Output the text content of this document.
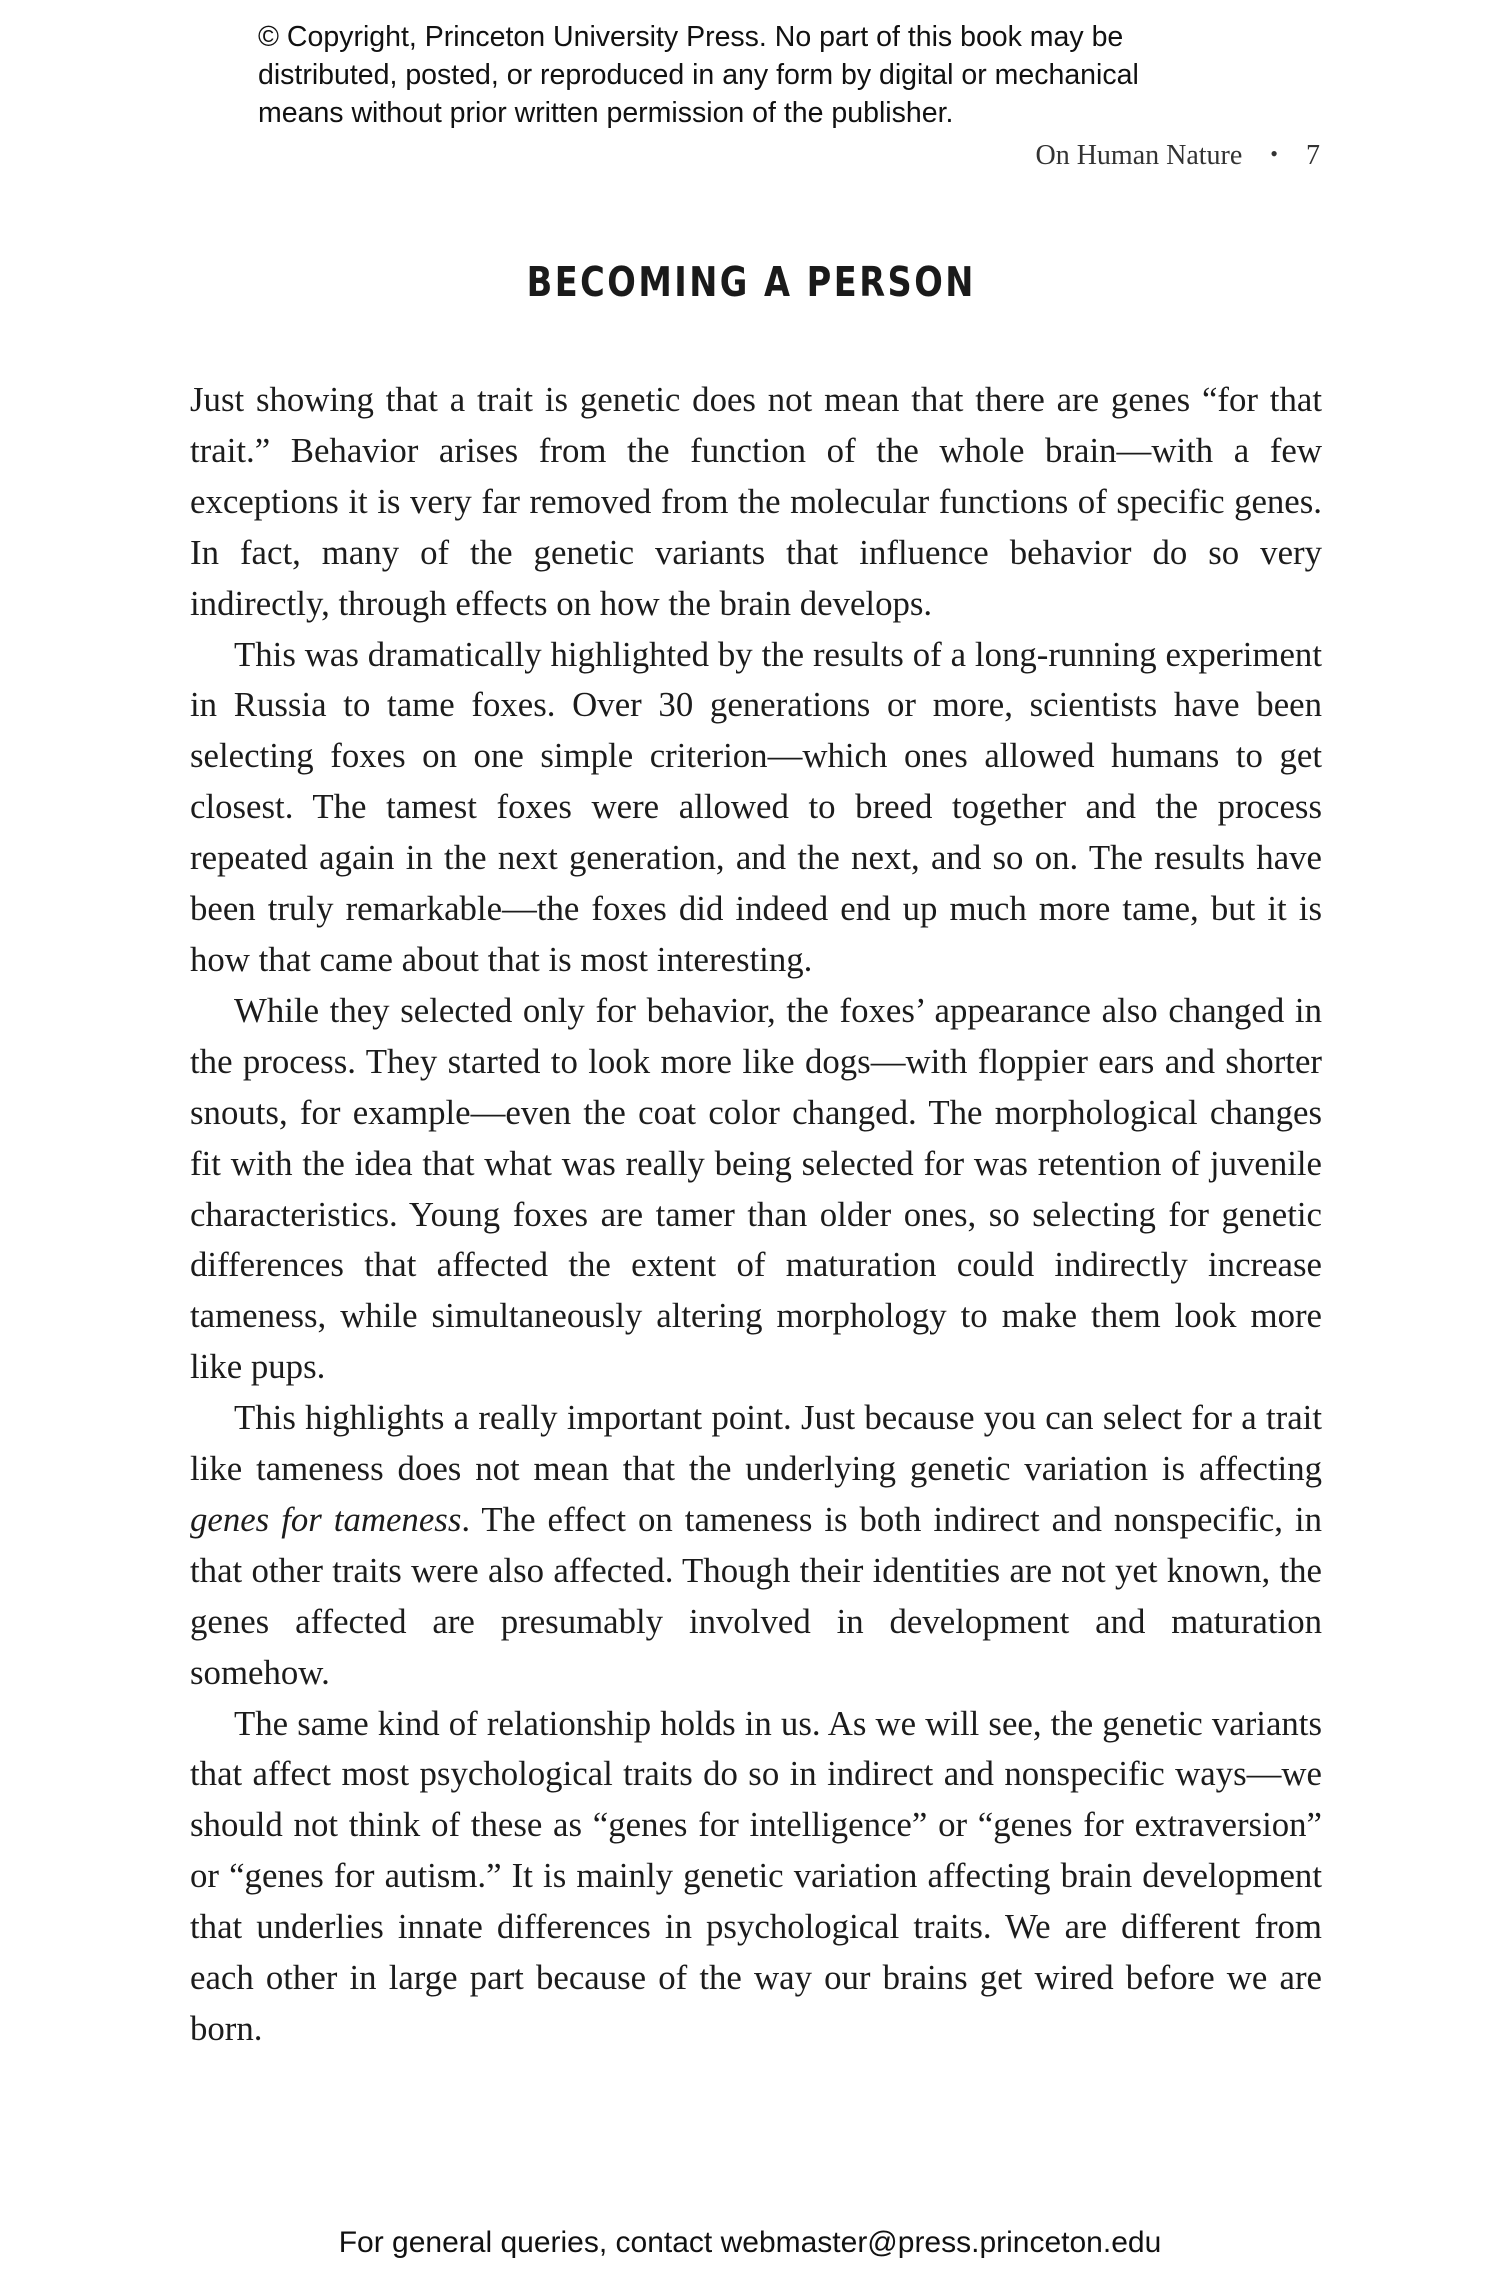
© Copyright, Princeton University Press. No part of this book may be
distributed, posted, or reproduced in any form by digital or mechanical
means without prior written permission of the publisher.
On Human Nature • 7
BECOMING A PERSON

Just showing that a trait is genetic does not mean that there are genes “for that trait.” Behavior arises from the function of the whole brain—with a few exceptions it is very far removed from the molecular functions of specific genes. In fact, many of the genetic variants that influence behavior do so very indirectly, through effects on how the brain develops.

This was dramatically highlighted by the results of a long-running experiment in Russia to tame foxes. Over 30 generations or more, scientists have been selecting foxes on one simple criterion—which ones allowed humans to get closest. The tamest foxes were allowed to breed together and the process repeated again in the next generation, and the next, and so on. The results have been truly remarkable—the foxes did indeed end up much more tame, but it is how that came about that is most interesting.

While they selected only for behavior, the foxes’ appearance also changed in the process. They started to look more like dogs—with floppier ears and shorter snouts, for example—even the coat color changed. The morphological changes fit with the idea that what was really being selected for was retention of juvenile characteristics. Young foxes are tamer than older ones, so selecting for genetic differences that affected the extent of maturation could indirectly increase tameness, while simultaneously altering morphology to make them look more like pups.

This highlights a really important point. Just because you can select for a trait like tameness does not mean that the underlying genetic variation is affecting genes for tameness. The effect on tameness is both indirect and nonspecific, in that other traits were also affected. Though their identities are not yet known, the genes affected are presumably involved in development and maturation somehow.

The same kind of relationship holds in us. As we will see, the genetic variants that affect most psychological traits do so in indirect and nonspecific ways—we should not think of these as “genes for intelligence” or “genes for extraversion” or “genes for autism.” It is mainly genetic variation affecting brain development that underlies innate differences in psychological traits. We are different from each other in large part because of the way our brains get wired before we are born.

For general queries, contact webmaster@press.princeton.edu
